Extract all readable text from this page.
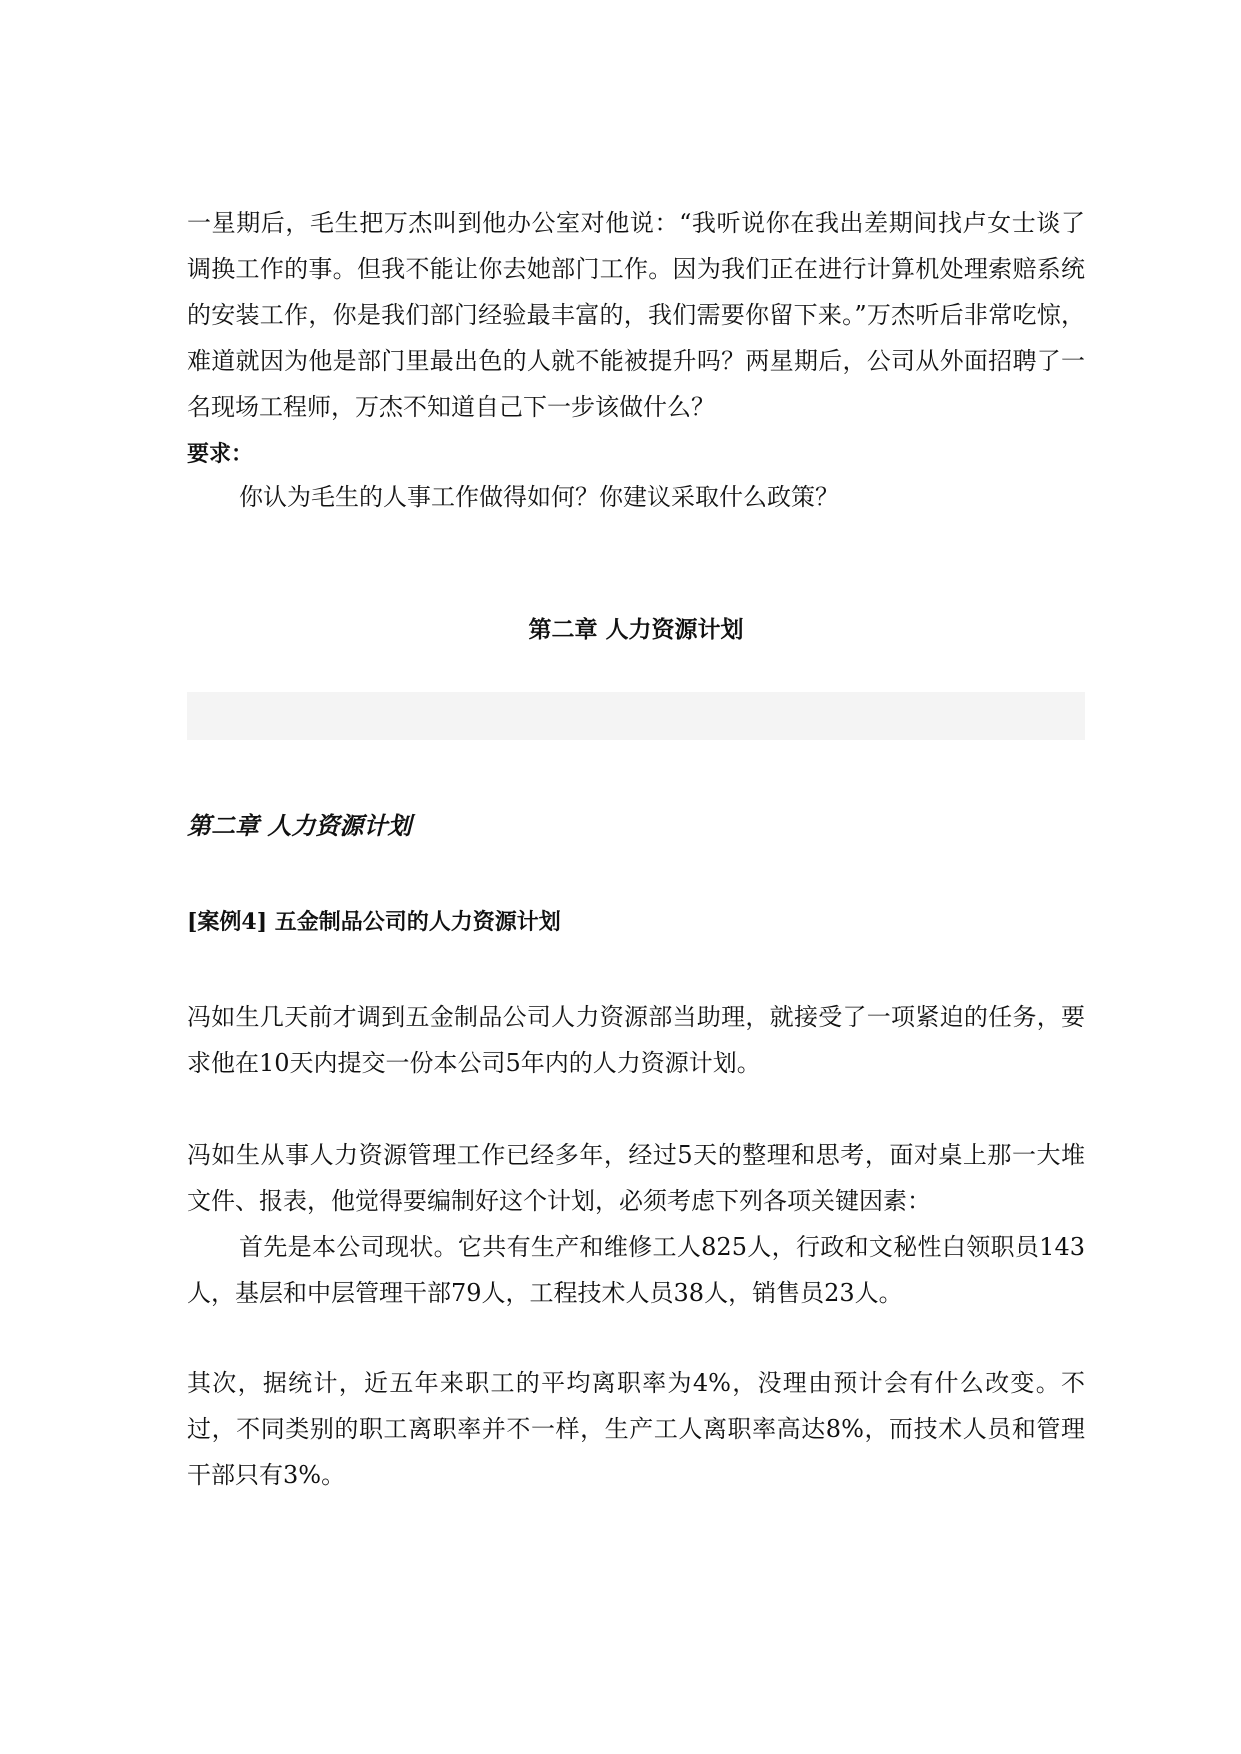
一星期后，毛生把万杰叫到他办公室对他说：“我听说你在我出差期间找卢女士谈了调换工作的事。但我不能让你去她部门工作。因为我们正在进行计算机处理索赔系统的安装工作，你是我们部门经验最丰富的，我们需要你留下来。”万杰听后非常吃惊，难道就因为他是部门里最出色的人就不能被提升吗？两星期后，公司从外面招聘了一名现场工程师，万杰不知道自己下一步该做什么？

要求：

你认为毛生的人事工作做得如何？你建议采取什么政策？

第二章 人力资源计划

第二章 人力资源计划

[案例4] 五金制品公司的人力资源计划

冯如生几天前才调到五金制品公司人力资源部当助理，就接受了一项紧迫的任务，要求他在10天内提交一份本公司5年内的人力资源计划。

冯如生从事人力资源管理工作已经多年，经过5天的整理和思考，面对桌上那一大堆文件、报表，他觉得要编制好这个计划，必须考虑下列各项关键因素：

首先是本公司现状。它共有生产和维修工人825人，行政和文秘性白领职员143人，基层和中层管理干部79人，工程技术人员38人，销售员23人。

其次，据统计，近五年来职工的平均离职率为4%，没理由预计会有什么改变。不过，不同类别的职工离职率并不一样，生产工人离职率高达8%，而技术人员和管理干部只有3%。
